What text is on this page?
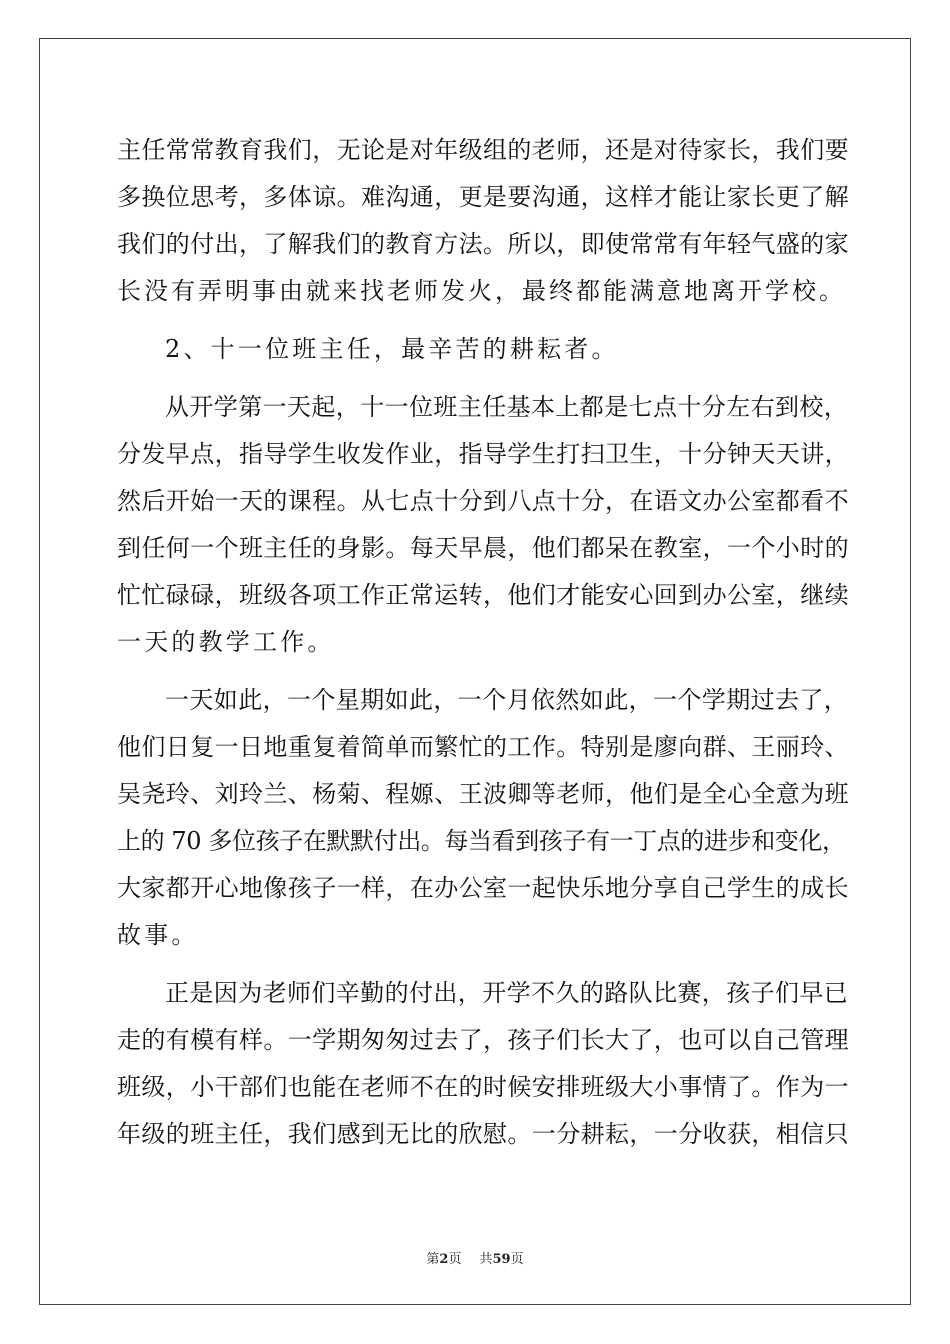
主任常常教育我们，无论是对年级组的老师，还是对待家长，我们要
多换位思考，多体谅。难沟通，更是要沟通，这样才能让家长更了解
我们的付出，了解我们的教育方法。所以，即使常常有年轻气盛的家
长没有弄明事由就来找老师发火，最终都能满意地离开学校。
2、十一位班主任，最辛苦的耕耘者。
从开学第一天起，十一位班主任基本上都是七点十分左右到校，
分发早点，指导学生收发作业，指导学生打扫卫生，十分钟天天讲，
然后开始一天的课程。从七点十分到八点十分，在语文办公室都看不
到任何一个班主任的身影。每天早晨，他们都呆在教室，一个小时的
忙忙碌碌，班级各项工作正常运转，他们才能安心回到办公室，继续
一天的教学工作。
一天如此，一个星期如此，一个月依然如此，一个学期过去了，
他们日复一日地重复着简单而繁忙的工作。特别是廖向群、王丽玲、
吴尧玲、刘玲兰、杨菊、程嫄、王波卿等老师，他们是全心全意为班
上的 70 多位孩子在默默付出。每当看到孩子有一丁点的进步和变化，
大家都开心地像孩子一样，在办公室一起快乐地分享自己学生的成长
故事。
正是因为老师们辛勤的付出，开学不久的路队比赛，孩子们早已
走的有模有样。一学期匆匆过去了，孩子们长大了，也可以自己管理
班级，小干部们也能在老师不在的时候安排班级大小事情了。作为一
年级的班主任，我们感到无比的欣慰。一分耕耘，一分收获，相信只
第2页 共59页
